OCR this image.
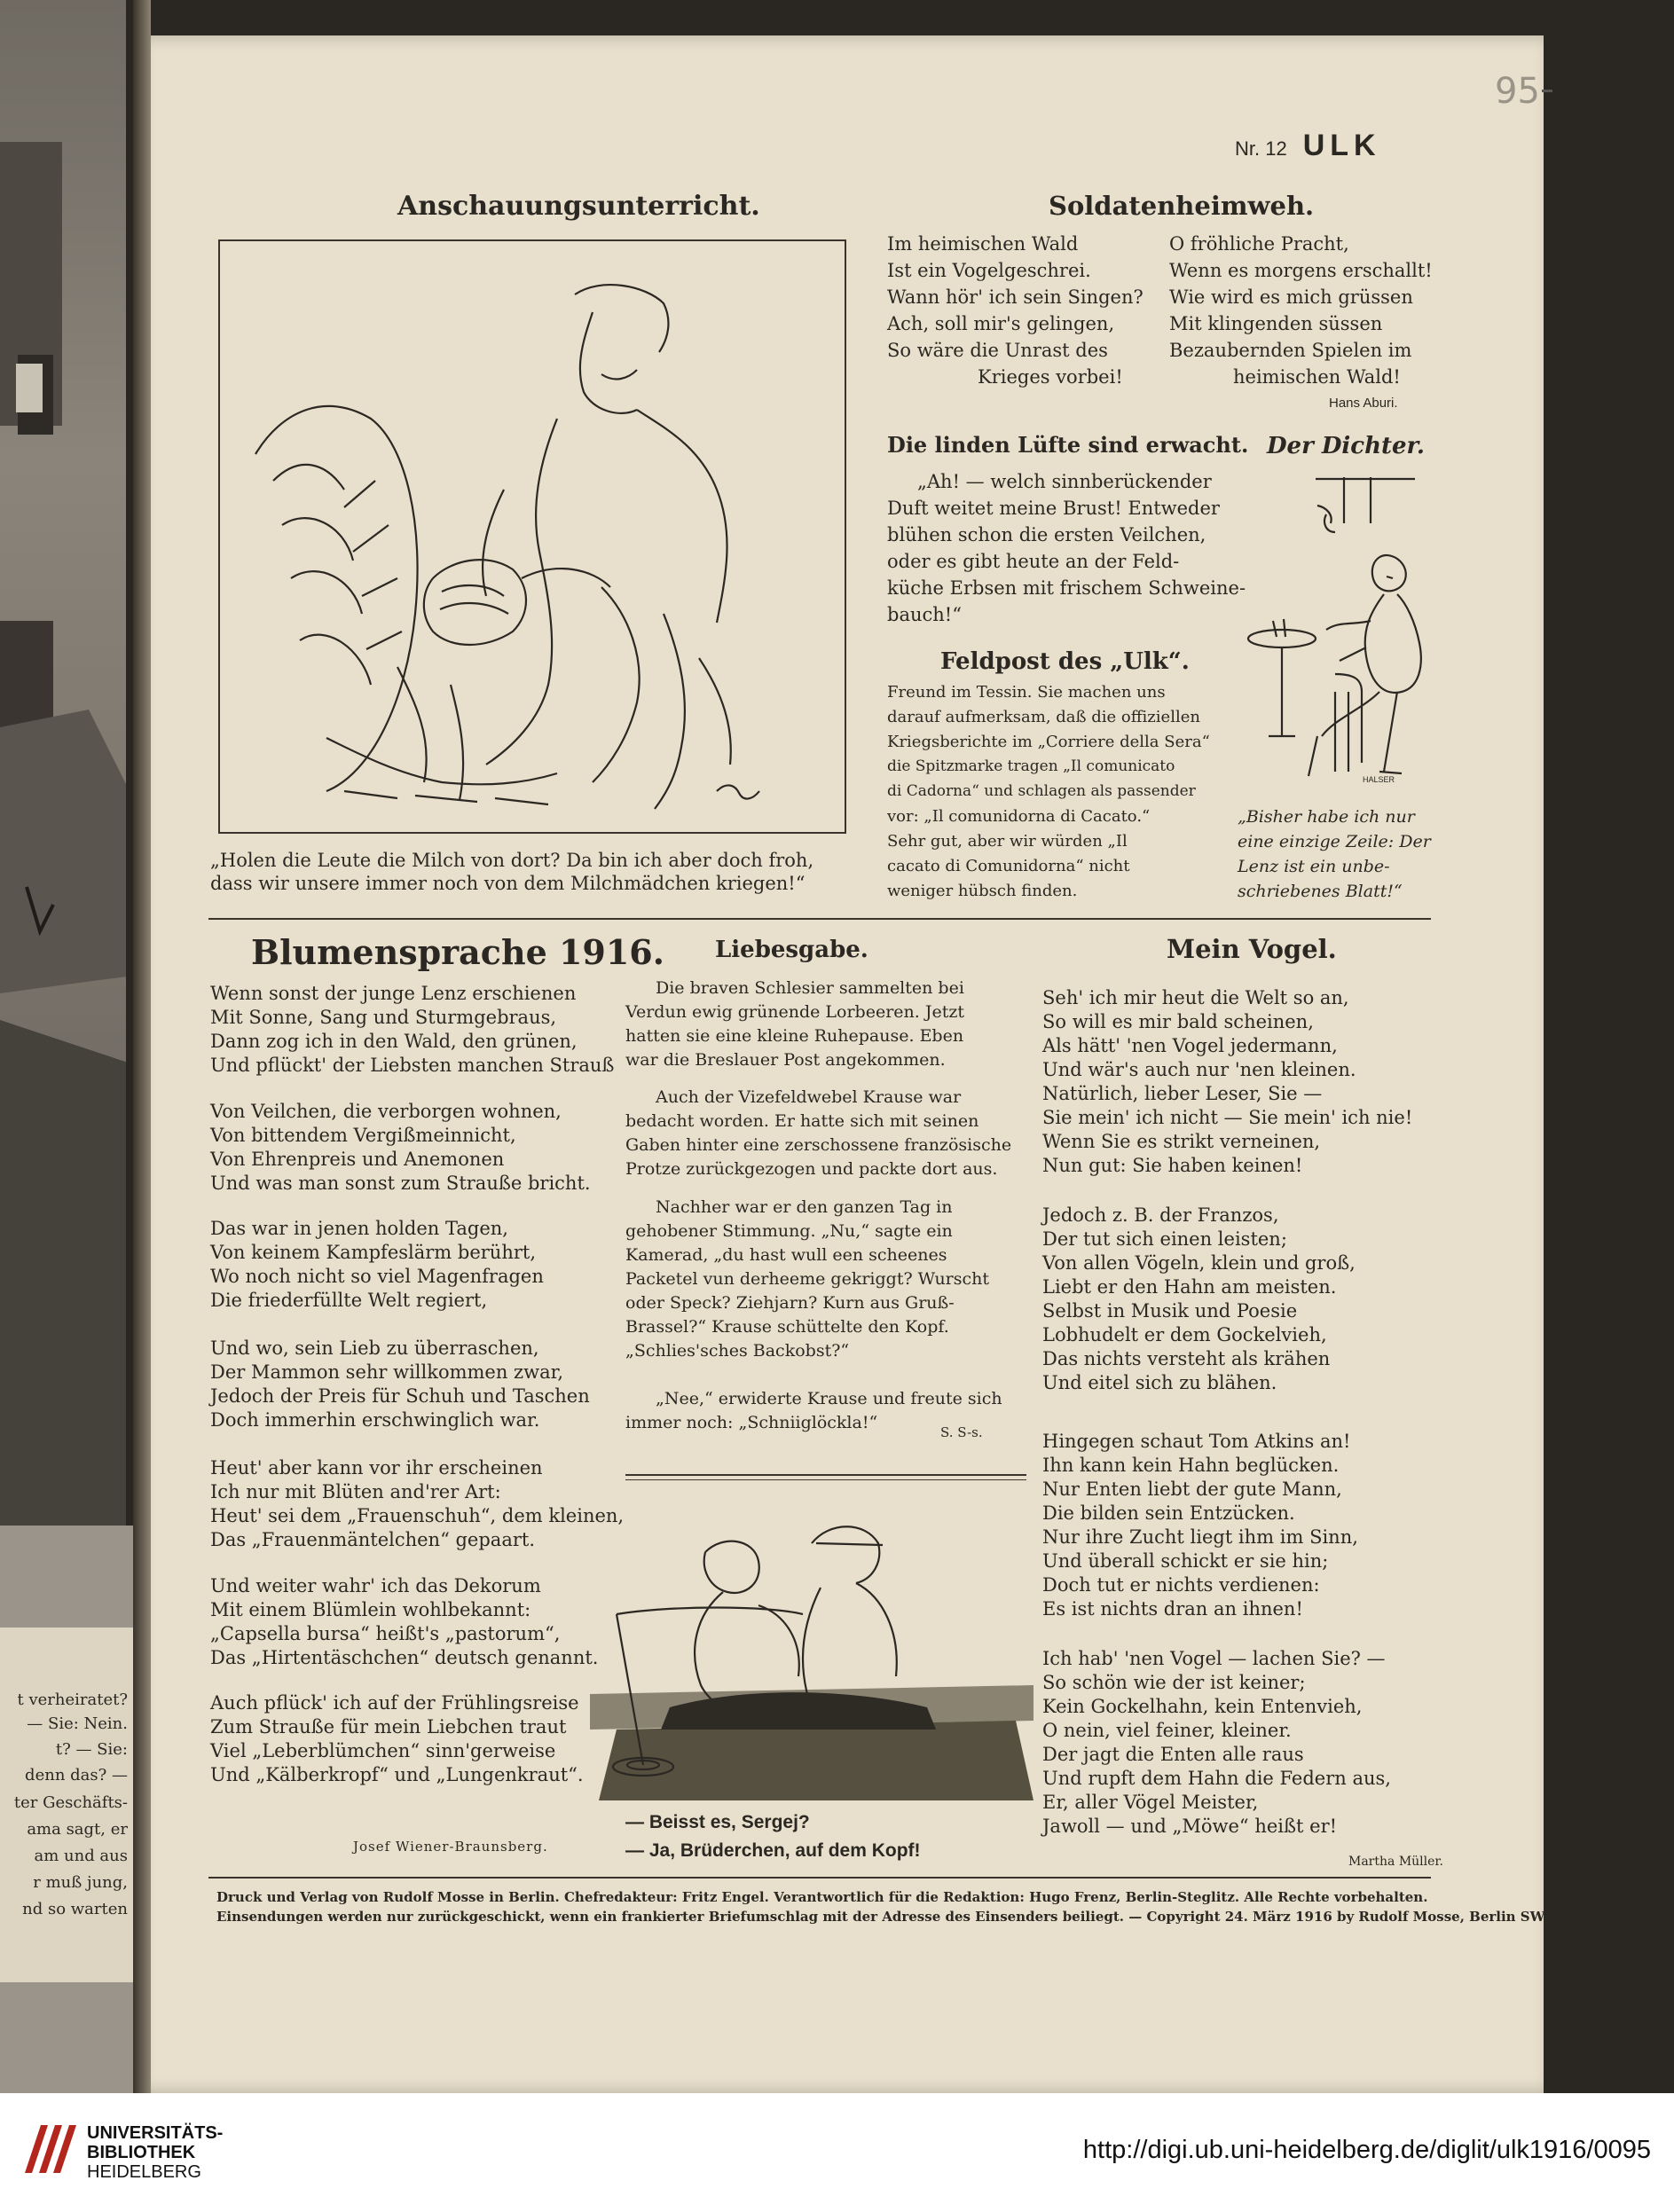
t verheiratet?
— Sie: Nein.
t? — Sie:
denn das? —
ter Geschäfts-
ama sagt, er
am und aus
r muß jung,
nd so warten
95
Nr. 12 ULK
Anschauungsunterricht.
„Holen die Leute die Milch von dort? Da bin ich aber doch froh,
dass wir unsere immer noch von dem Milchmädchen kriegen!“
Soldatenheimweh.
Im heimischen Wald
Ist ein Vogelgeschrei.
Wann hör' ich sein Singen?
Ach, soll mir's gelingen,
So wäre die Unrast des
Krieges vorbei!
O fröhliche Pracht,
Wenn es morgens erschallt!
Wie wird es mich grüssen
Mit klingenden süssen
Bezaubernden Spielen im
heimischen Wald!
Hans Aburi.
Die linden Lüfte sind erwacht.
„Ah! — welch sinnberückender
Duft weitet meine Brust! Entweder
blühen schon die ersten Veilchen,
oder es gibt heute an der Feld-
küche Erbsen mit frischem Schweine-
bauch!“
Feldpost des „Ulk“.
Freund im Tessin. Sie machen uns
darauf aufmerksam, daß die offiziellen
Kriegsberichte im „Corriere della Sera“
die Spitzmarke tragen „Il comunicato
di Cadorna“ und schlagen als passender
vor: „Il comunidorna di Cacato.“
Sehr gut, aber wir würden „Il
cacato di Comunidorna“ nicht
weniger hübsch finden.
Der Dichter.
HALSER
„Bisher habe ich nur
eine einzige Zeile: Der
Lenz ist ein unbe-
schriebenes Blatt!“
Blumensprache 1916.
Wenn sonst der junge Lenz erschienen
Mit Sonne, Sang und Sturmgebraus,
Dann zog ich in den Wald, den grünen,
Und pflückt' der Liebsten manchen Strauß
Von Veilchen, die verborgen wohnen,
Von bittendem Vergißmeinnicht,
Von Ehrenpreis und Anemonen
Und was man sonst zum Strauße bricht.
Das war in jenen holden Tagen,
Von keinem Kampfeslärm berührt,
Wo noch nicht so viel Magenfragen
Die friederfüllte Welt regiert,
Und wo, sein Lieb zu überraschen,
Der Mammon sehr willkommen zwar,
Jedoch der Preis für Schuh und Taschen
Doch immerhin erschwinglich war.
Heut' aber kann vor ihr erscheinen
Ich nur mit Blüten and'rer Art:
Heut' sei dem „Frauenschuh“, dem kleinen,
Das „Frauenmäntelchen“ gepaart.
Und weiter wahr' ich das Dekorum
Mit einem Blümlein wohlbekannt:
„Capsella bursa“ heißt's „pastorum“,
Das „Hirtentäschchen“ deutsch genannt.
Auch pflück' ich auf der Frühlingsreise
Zum Strauße für mein Liebchen traut
Viel „Leberblümchen“ sinn'gerweise
Und „Kälberkropf“ und „Lungenkraut“.
Josef Wiener-Braunsberg.
Liebesgabe.
Die braven Schlesier sammelten bei
Verdun ewig grünende Lorbeeren. Jetzt
hatten sie eine kleine Ruhepause. Eben
war die Breslauer Post angekommen.
Auch der Vizefeldwebel Krause war
bedacht worden. Er hatte sich mit seinen
Gaben hinter eine zerschossene französische
Protze zurückgezogen und packte dort aus.
Nachher war er den ganzen Tag in
gehobener Stimmung. „Nu,“ sagte ein
Kamerad, „du hast wull een scheenes
Packetel vun derheeme gekriggt? Wurscht
oder Speck? Ziehjarn? Kurn aus Gruß-
Brassel?“ Krause schüttelte den Kopf.
„Schlies'sches Backobst?“
„Nee,“ erwiderte Krause und freute sich
immer noch: „Schniiglöckla!“	S. S-s.
— Beisst es, Sergej?
— Ja, Brüderchen, auf dem Kopf!
Mein Vogel.
Seh' ich mir heut die Welt so an,
So will es mir bald scheinen,
Als hätt' 'nen Vogel jedermann,
Und wär's auch nur 'nen kleinen.
Natürlich, lieber Leser, Sie —
Sie mein' ich nicht — Sie mein' ich nie!
Wenn Sie es strikt verneinen,
Nun gut: Sie haben keinen!
Jedoch z. B. der Franzos,
Der tut sich einen leisten;
Von allen Vögeln, klein und groß,
Liebt er den Hahn am meisten.
Selbst in Musik und Poesie
Lobhudelt er dem Gockelvieh,
Das nichts versteht als krähen
Und eitel sich zu blähen.
Hingegen schaut Tom Atkins an!
Ihn kann kein Hahn beglücken.
Nur Enten liebt der gute Mann,
Die bilden sein Entzücken.
Nur ihre Zucht liegt ihm im Sinn,
Und überall schickt er sie hin;
Doch tut er nichts verdienen:
Es ist nichts dran an ihnen!
Ich hab' 'nen Vogel — lachen Sie? —
So schön wie der ist keiner;
Kein Gockelhahn, kein Entenvieh,
O nein, viel feiner, kleiner.
Der jagt die Enten alle raus
Und rupft dem Hahn die Federn aus,
Er, aller Vögel Meister,
Jawoll — und „Möwe“ heißt er!
Martha Müller.
Druck und Verlag von Rudolf Mosse in Berlin. Chefredakteur: Fritz Engel. Verantwortlich für die Redaktion: Hugo Frenz, Berlin-Steglitz. Alle Rechte vorbehalten.
Einsendungen werden nur zurückgeschickt, wenn ein frankierter Briefumschlag mit der Adresse des Einsenders beiliegt. — Copyright 24. März 1916 by Rudolf Mosse, Berlin SW.
UNIVERSITÄTS-
BIBLIOTHEK
HEIDELBERG
http://digi.ub.uni-heidelberg.de/diglit/ulk1916/0095
